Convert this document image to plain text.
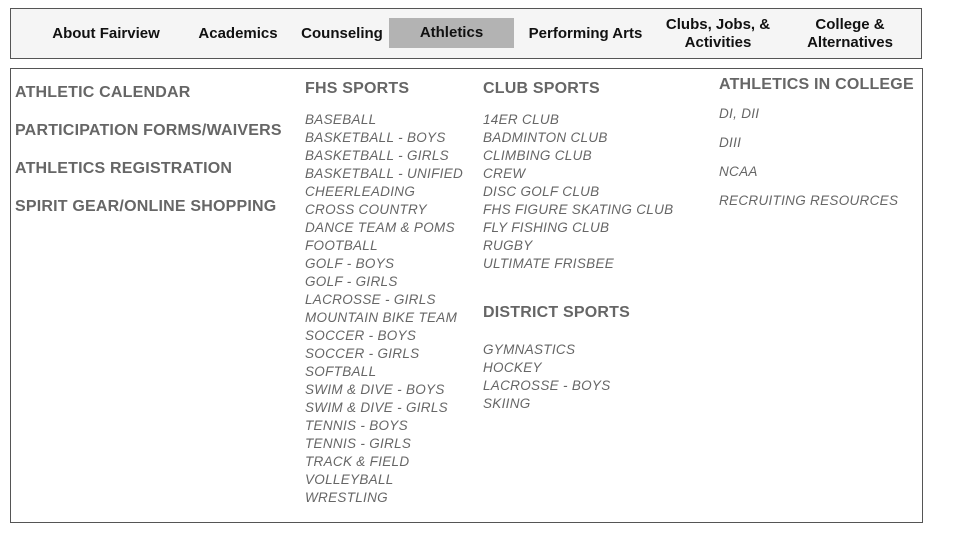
About Fairview	Academics	Counseling	Athletics	Performing Arts
Clubs, Jobs, &
Activities
College &
Alternatives
ATHLETIC CALENDAR
PARTICIPATION FORMS/WAIVERS
ATHLETICS REGISTRATION
SPIRIT GEAR/ONLINE SHOPPING
FHS SPORTS
BASEBALL
BASKETBALL - BOYS
BASKETBALL - GIRLS
BASKETBALL - UNIFIED
CHEERLEADING
CROSS COUNTRY
DANCE TEAM & POMS
FOOTBALL
GOLF - BOYS
GOLF - GIRLS
LACROSSE - GIRLS
MOUNTAIN BIKE TEAM
SOCCER - BOYS
SOCCER - GIRLS
SOFTBALL
SWIM & DIVE - BOYS
SWIM & DIVE - GIRLS
TENNIS - BOYS
TENNIS - GIRLS
TRACK & FIELD
VOLLEYBALL
WRESTLING
CLUB SPORTS
14ER CLUB
BADMINTON CLUB
CLIMBING CLUB
CREW
DISC GOLF CLUB
FHS FIGURE SKATING CLUB
FLY FISHING CLUB
RUGBY
ULTIMATE FRISBEE
DISTRICT SPORTS
GYMNASTICS
HOCKEY
LACROSSE - BOYS
SKIING
ATHLETICS IN COLLEGE
DI, DII
DIII
NCAA
RECRUITING RESOURCES
